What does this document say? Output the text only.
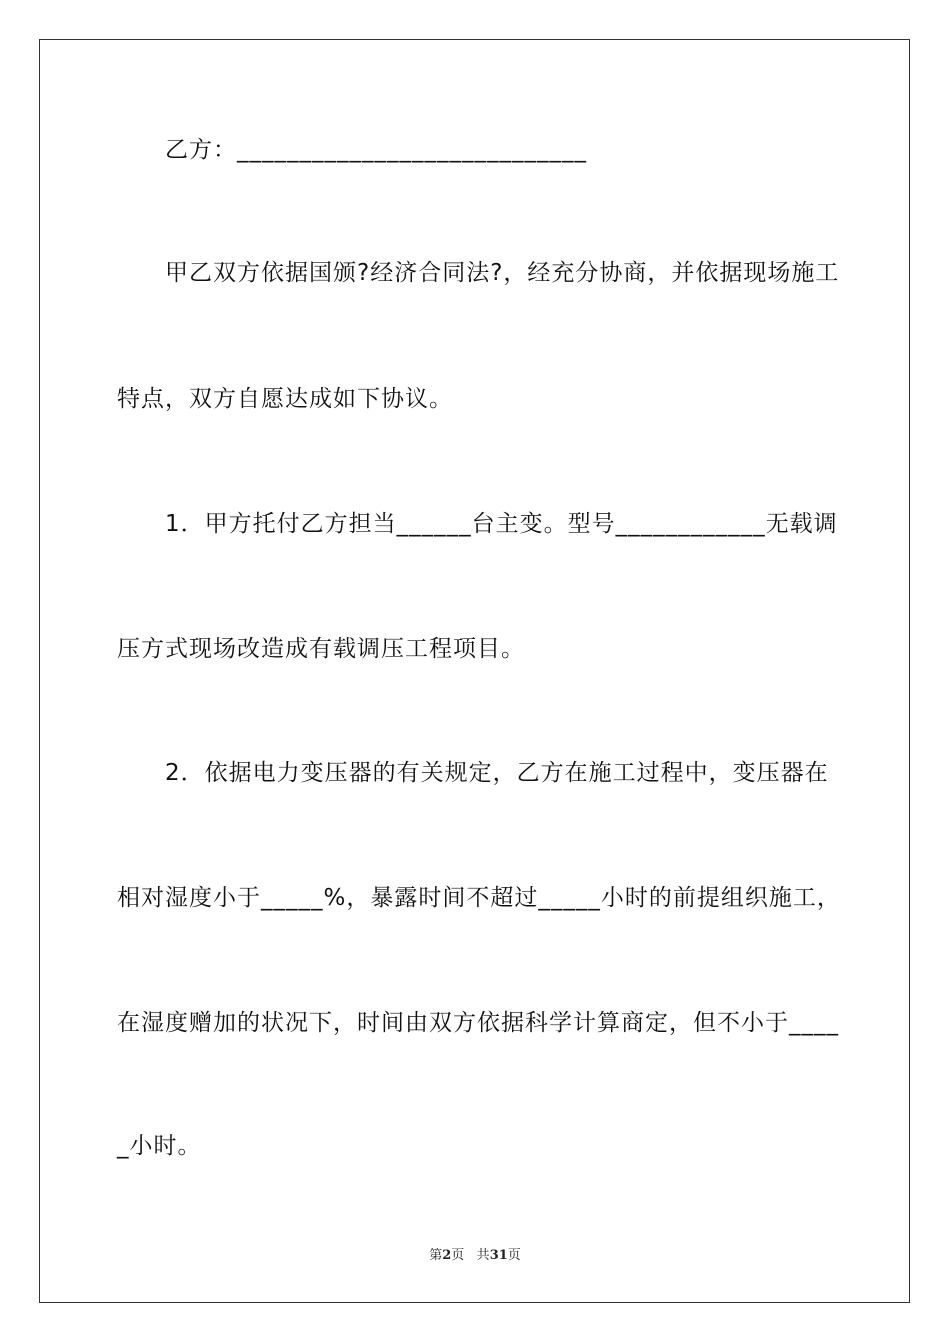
乙方：____________________________
甲乙双方依据国颁?经济合同法?，经充分协商，并依据现场施工
特点，双方自愿达成如下协议。
1．甲方托付乙方担当______台主变。型号____________无载调
压方式现场改造成有载调压工程项目。
2．依据电力变压器的有关规定，乙方在施工过程中，变压器在
相对湿度小于_____%，暴露时间不超过_____小时的前提组织施工，
在湿度赠加的状况下，时间由双方依据科学计算商定，但不小于____
_小时。
第2页 共31页
